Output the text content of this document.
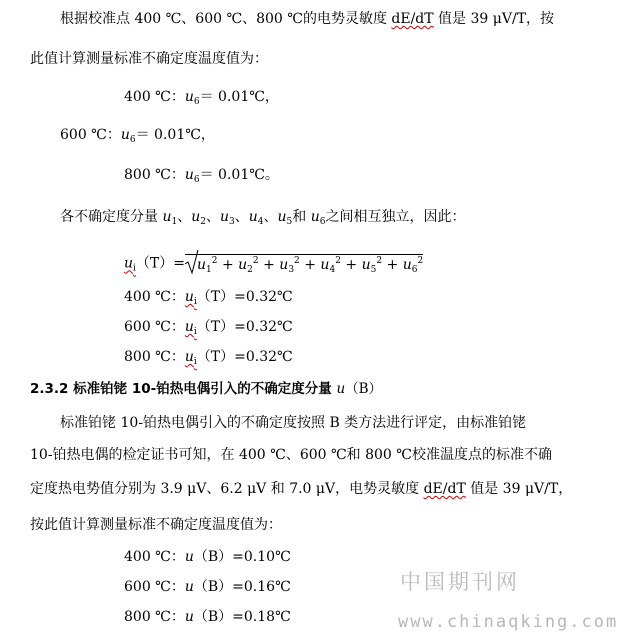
根据校准点 400 ℃、600 ℃、800 ℃的电势灵敏度 dE/dT 值是 39 μV/T，按
此值计算测量标准不确定度温度值为：
400 ℃：$u_6=$ 0.01℃，
600 ℃：$u_6=$ 0.01℃，
800 ℃：$u_6=$ 0.01℃。
各不确定度分量 $u_1$、$u_2$、$u_3$、$u_4$、$u_5$和 $u_6$之间相互独立，因此：
$u_i(T)= u_1^2 + u_2^2 + u_3^2 + u_4^2 + u_5^2 + u_6^2$
400 ℃：$u_i(T)=0.32℃$
600 ℃：$u_i(T)=0.32℃$
800 ℃：$u_i(T)=0.32℃$
2.3.2 标准铂铑 10-铂热电偶引入的不确定度分量 u（B）
标准铂铑 10-铂热电偶引入的不确定度按照 B 类方法进行评定，由标准铂铑
10-铂热电偶的检定证书可知，在 400 ℃、600 ℃和 800 ℃校准温度点的标准不确
定度热电势值分别为 3.9 μV、6.2 μV 和 7.0 μV，电势灵敏度 dE/dT 值是 39 μV/T，
按此值计算测量标准不确定度温度值为：
400 ℃：u（B）=0.10℃
600 ℃：u（B）=0.16℃
800 ℃：u（B）=0.18℃
中国期刊网
www.chinaqking.com
